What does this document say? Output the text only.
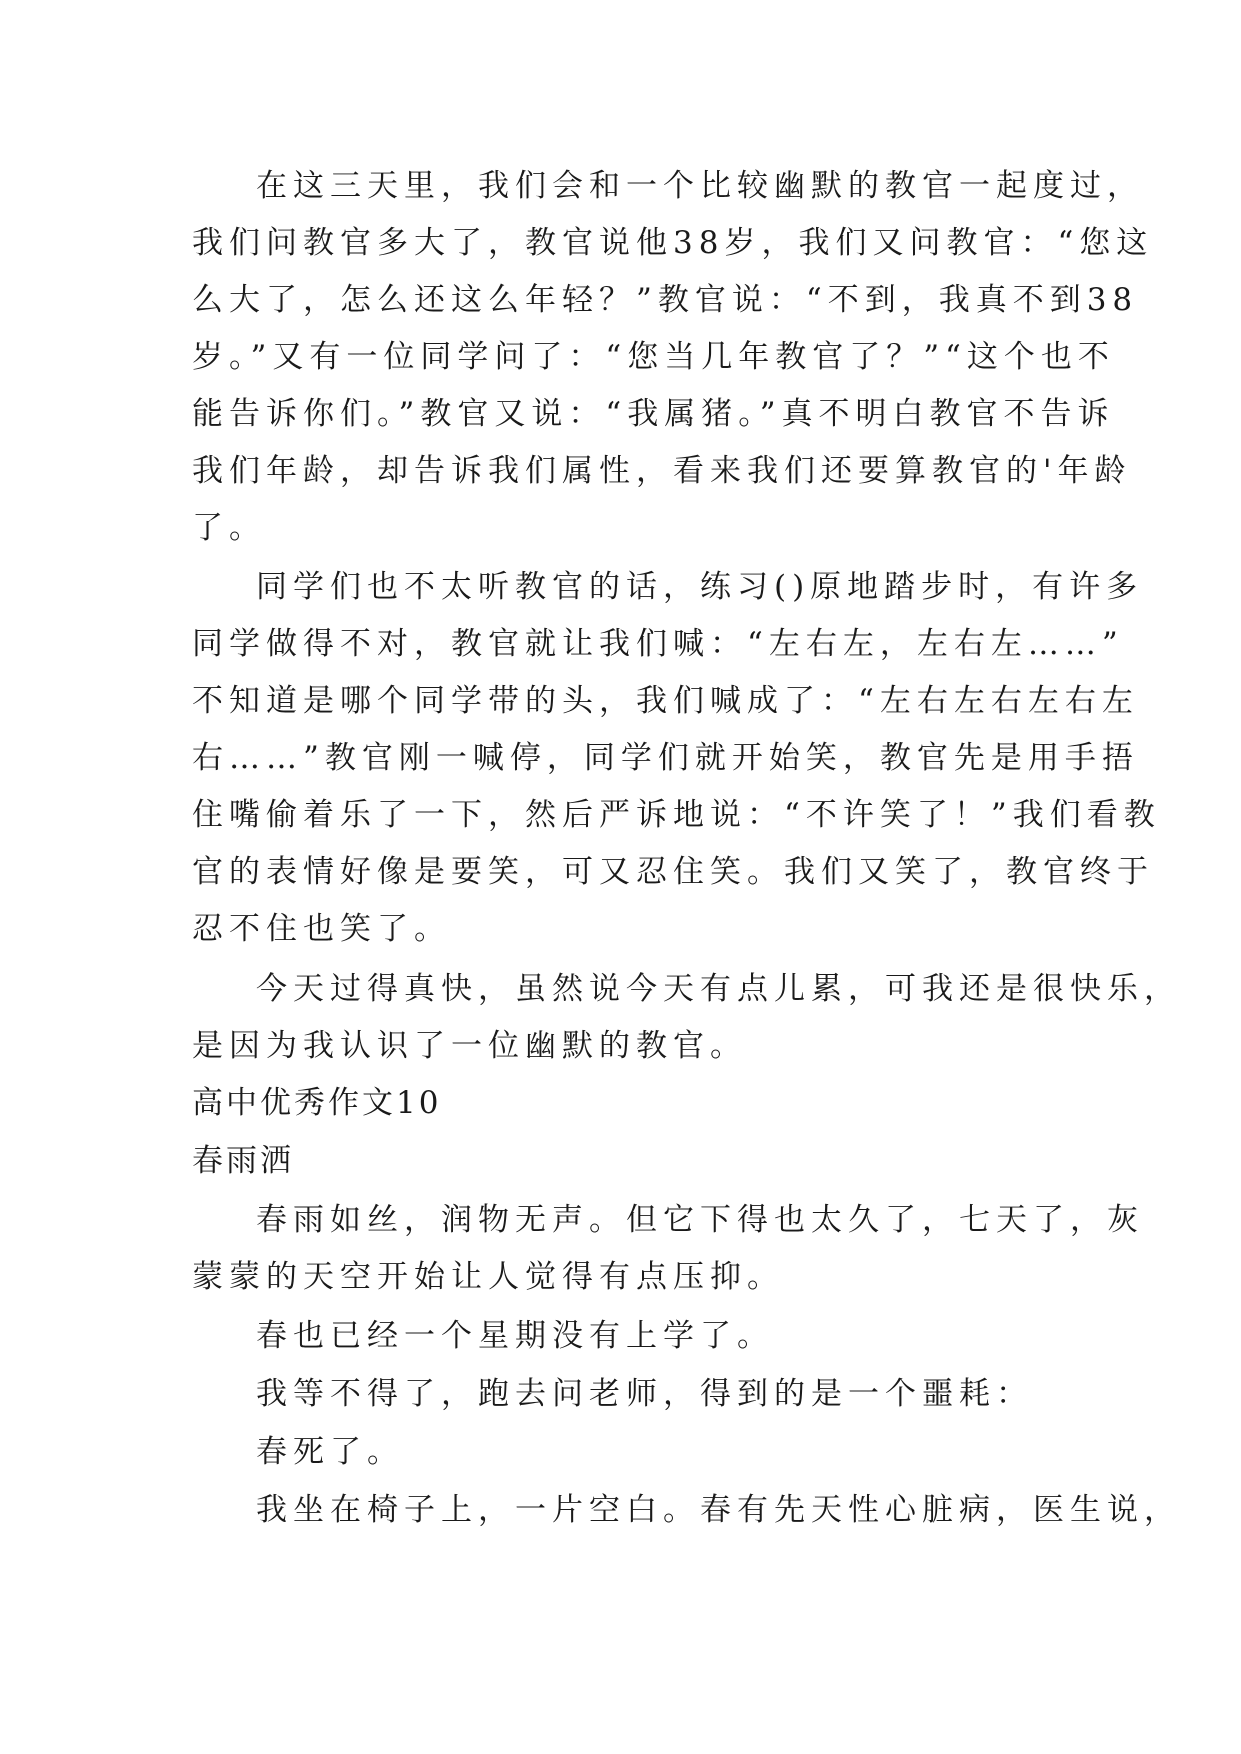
在这三天里，我们会和一个比较幽默的教官一起度过，

我们问教官多大了，教官说他38岁，我们又问教官：“您这

么大了，怎么还这么年轻？”教官说：“不到，我真不到38

岁。”又有一位同学问了：“您当几年教官了？”“这个也不

能告诉你们。”教官又说：“我属猪。”真不明白教官不告诉

我们年龄，却告诉我们属性，看来我们还要算教官的'年龄

了。

同学们也不太听教官的话，练习()原地踏步时，有许多

同学做得不对，教官就让我们喊：“左右左，左右左……”

不知道是哪个同学带的头，我们喊成了：“左右左右左右左

右……”教官刚一喊停，同学们就开始笑，教官先是用手捂

住嘴偷着乐了一下，然后严诉地说：“不许笑了！”我们看教

官的表情好像是要笑，可又忍住笑。我们又笑了，教官终于

忍不住也笑了。

今天过得真快，虽然说今天有点儿累，可我还是很快乐，

是因为我认识了一位幽默的教官。

高中优秀作文10

春雨洒

春雨如丝，润物无声。但它下得也太久了，七天了，灰

蒙蒙的天空开始让人觉得有点压抑。

春也已经一个星期没有上学了。

我等不得了，跑去问老师，得到的是一个噩耗：

春死了。

我坐在椅子上，一片空白。春有先天性心脏病，医生说，
